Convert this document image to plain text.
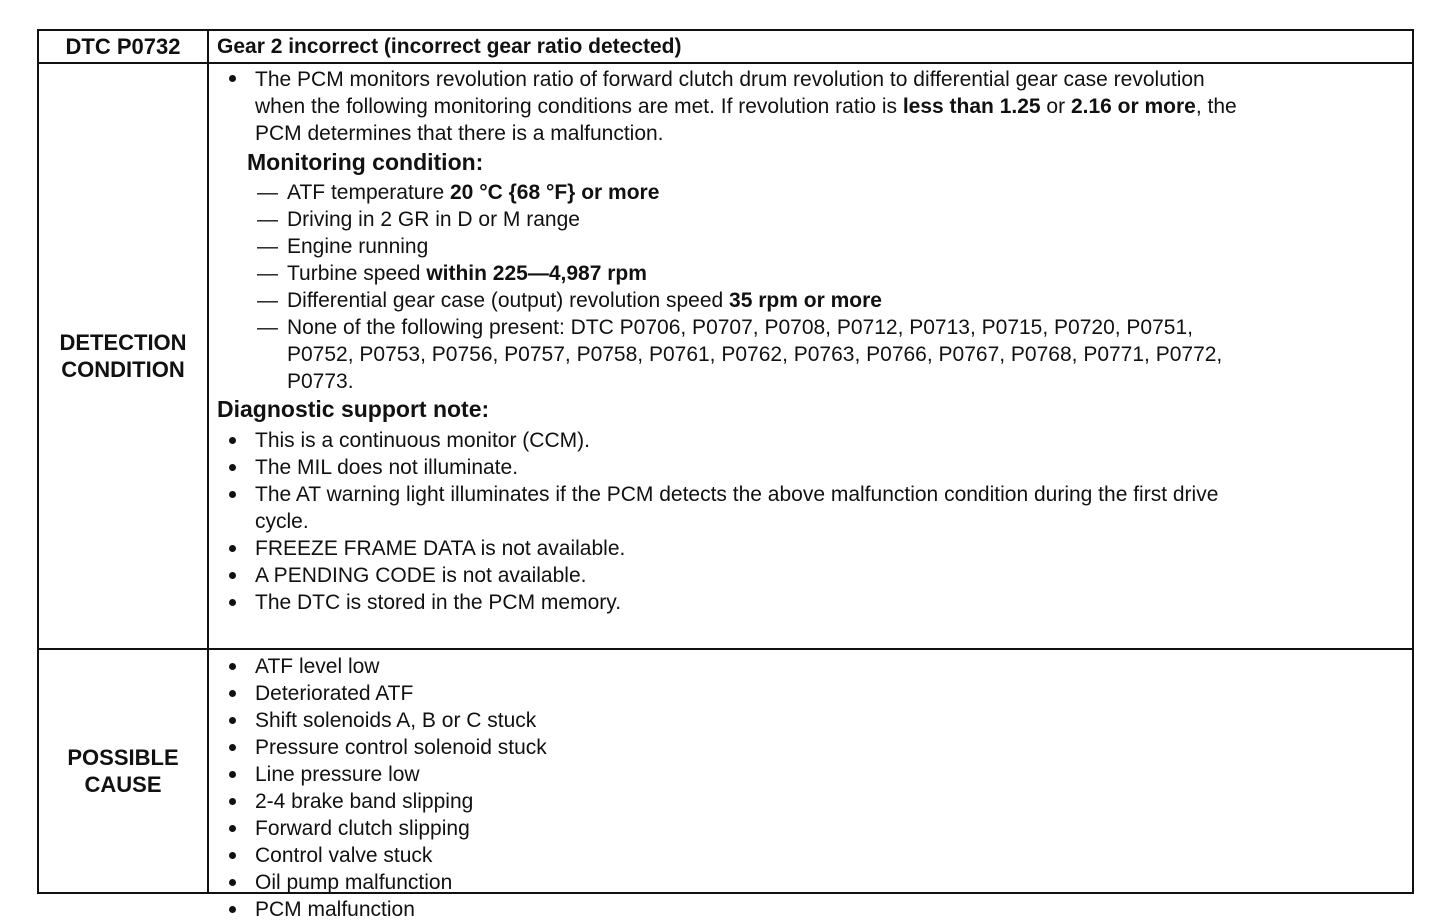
DTC P0732 Gear 2 incorrect (incorrect gear ratio detected)
DETECTION
CONDITION
The PCM monitors revolution ratio of forward clutch drum revolution to differential gear case revolution
when the following monitoring conditions are met. If revolution ratio is less than 1.25 or 2.16 or more, the
PCM determines that there is a malfunction.
Monitoring condition:
— ATF temperature 20 °C {68 °F} or more
— Driving in 2 GR in D or M range
— Engine running
— Turbine speed within 225—4,987 rpm
— Differential gear case (output) revolution speed 35 rpm or more
— None of the following present: DTC P0706, P0707, P0708, P0712, P0713, P0715, P0720, P0751,
P0752, P0753, P0756, P0757, P0758, P0761, P0762, P0763, P0766, P0767, P0768, P0771, P0772,
P0773.
Diagnostic support note:
This is a continuous monitor (CCM).
The MIL does not illuminate.
The AT warning light illuminates if the PCM detects the above malfunction condition during the first drive
cycle.
FREEZE FRAME DATA is not available.
A PENDING CODE is not available.
The DTC is stored in the PCM memory.
POSSIBLE
CAUSE
ATF level low
Deteriorated ATF
Shift solenoids A, B or C stuck
Pressure control solenoid stuck
Line pressure low
2-4 brake band slipping
Forward clutch slipping
Control valve stuck
Oil pump malfunction
PCM malfunction
